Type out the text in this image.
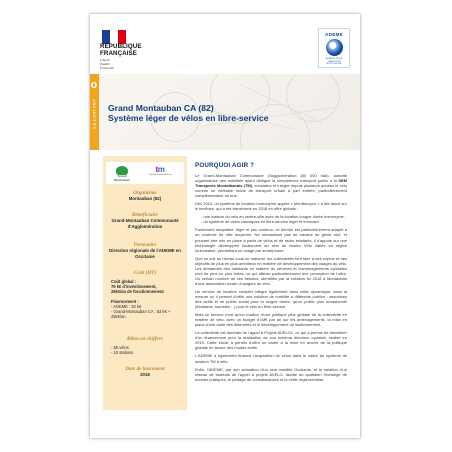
RÉPUBLIQUE
FRANÇAISE
Liberté
Égalité
Fraternité
ADEME
AGENCE DE LA
TRANSITION
ÉCOLOGIQUE
ILS L'ONT FAIT Grand Montauban CA (82)
Système léger de vélos en libre-service
Grand
Montauban
tm
Transports Montalbanais
Organisme
Montauban (82)
Bénéficiaire
Grand-Montauban Communauté
d'Agglomération
Partenaire
Direction régionale de l'ADEME en
Occitanie
Coût (HT)
Coût global :
75 k€ d'investissement,
25k€/an de fonctionnement
Financement :
- ADEME : 20 k€
- Grand-Montauban CA : 53 k€ +
25k€/an
Bilan en chiffres
- 55 vélos
- 10 stations
Date de lancement
2018
POURQUOI AGIR ?

Le Grand-Montauban Communauté d'Agglomération (80 000 hab), autorité organisatrice des mobilités ayant délégué la compétence transport public à la SEM Transports Montalbanais (TM), considère et intègre depuis plusieurs années le vélo comme un véritable mode de transport urbain à part entière, particulièrement complémentaire du bus.

Dès 2010, un système de location homonyme appelé « Montbecyclo » a été lancé sur le territoire, qui a été transformé en 2018 en offre globale :

- une maison du vélo en centre-ville avec de la location longue durée homonyme ;
- un système de vélos classiques en libre-service léger et innovant.

Facilement adaptable, léger et peu coûteux, ce dernier est particulièrement adapté à un contexte de ville moyenne. Ne nécessitant pas de travaux de génie civil, et pouvant être mis en place à partir de vélos et de racks existants, il s'appuie sur une technologie développée localement au sein du cluster Vélo Vallée en région toulousaine, permettant un usage par smartphone.

Que ce soit au niveau local ou national, les collectivités font face à des enjeux et des objectifs de plus en plus ambitieux en matière de développement des usages du vélo. Les demandes des habitants en matière de services et d'aménagements cyclables sont de plus en plus fortes, ce qui affecte particulièrement leur perception de l'offre. Un certain nombre de ces besoins, identifiés par la création fin 2018 à Montauban d'une association locale d'usagers du vélo.

Un service de location complet intègre également dans cette dynamique, dans la mesure où il permet d'offrir une solution de mobilité à différents publics : associées des actifs et un public social pour la longue durée, qu'un public plus occasionnel (étudiants, touristes…) pour le vélo en libre-service.

Mais ce service n'est qu'un maillon d'une politique plus globale de la collectivité en matière de vélo, avec un budget d'1M€ par an sur les aménagements, la mise en place d'une carte des itinéraires et le développement du stationnement.

La collectivité est lauréate de l'appel à Projets AVELO1, ce qui a permis de bénéficier d'un financement pour la réalisation de son schéma directeur cyclable, réalisé en 2019. Cette étude a permis d'offrir un cadre à la mise en œuvre de la politique globale en faveur des modes actifs.

L'ADEME a également financé l'acquisition de vélos dans le cadre du système de location TM à vélo.

Enfin, l'ADEME, par son animation d'un club mobilité Occitanie, et la création d'un réseau de lauréats de l'appel à projets AVELO, facilite au quotidien l'échange de bonnes pratiques, le partage de connaissances et la veille réglementaire.
